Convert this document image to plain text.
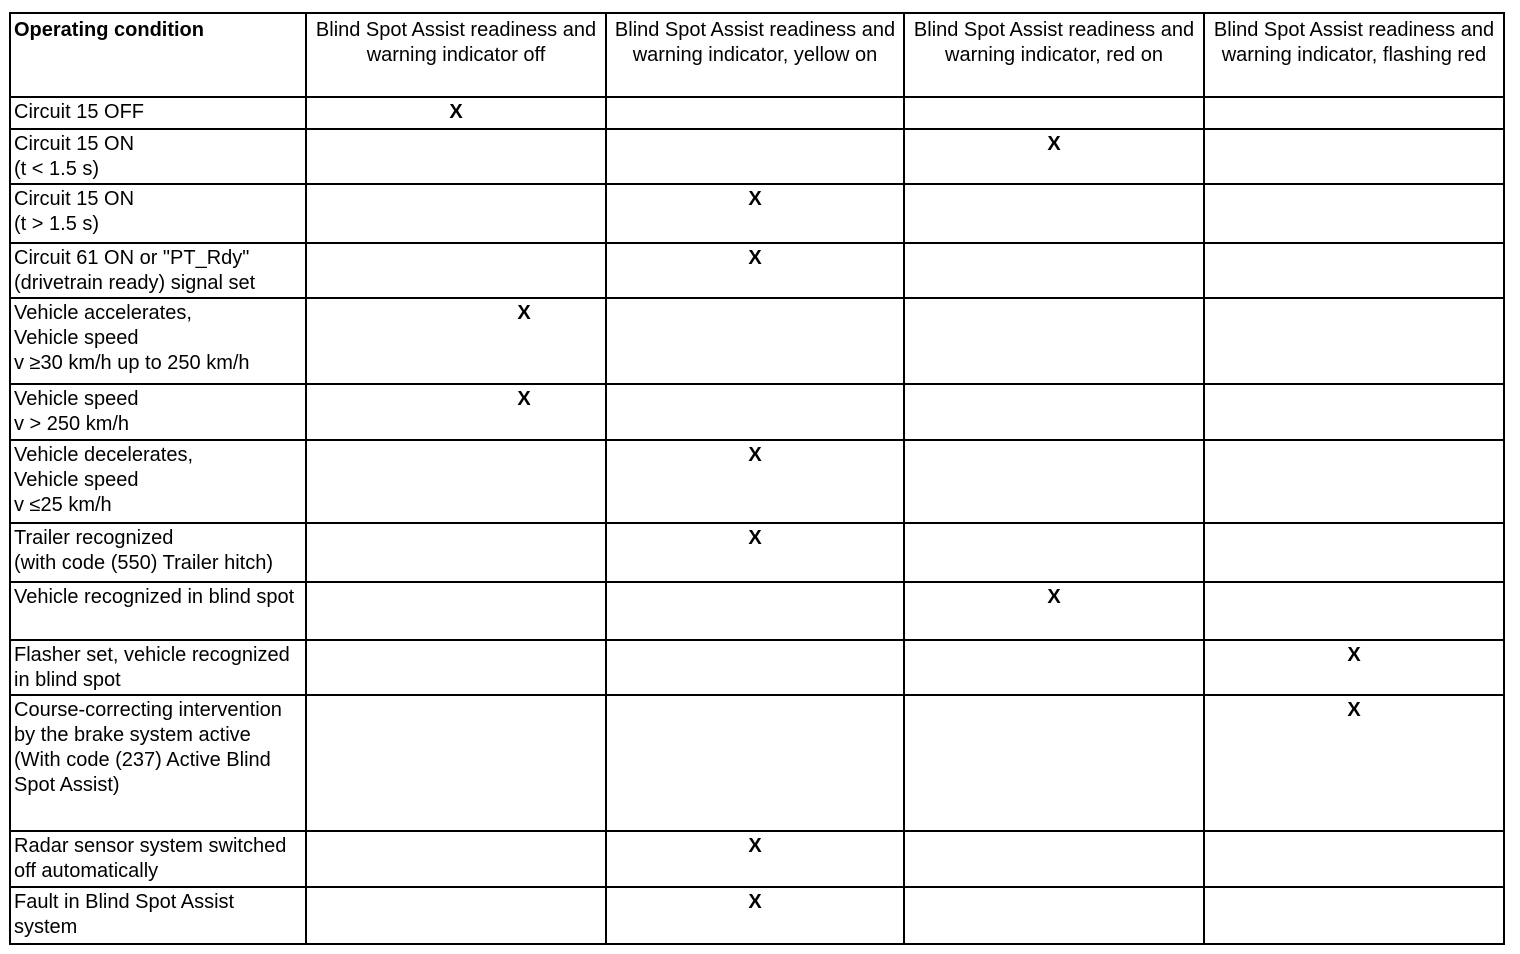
Operating condition	Blind Spot Assist readiness and warning indicator off	Blind Spot Assist readiness and warning indicator, yellow on	Blind Spot Assist readiness and warning indicator, red on	Blind Spot Assist readiness and warning indicator, flashing red
Circuit 15 OFF	X			
Circuit 15 ON
(t < 1.5 s)			X	
Circuit 15 ON
(t > 1.5 s)		X		
Circuit 61 ON or "PT_Rdy"
(drivetrain ready) signal set		X		
Vehicle accelerates,
Vehicle speed
v ≥30 km/h up to 250 km/h	X			
Vehicle speed
v > 250 km/h	X			
Vehicle decelerates,
Vehicle speed
v ≤25 km/h		X		
Trailer recognized
(with code (550) Trailer hitch)		X		
Vehicle recognized in blind spot			X	
Flasher set, vehicle recognized in blind spot				X
Course-correcting intervention by the brake system active
(With code (237) Active Blind Spot Assist)				X
Radar sensor system switched off automatically		X		
Fault in Blind Spot Assist system		X		
